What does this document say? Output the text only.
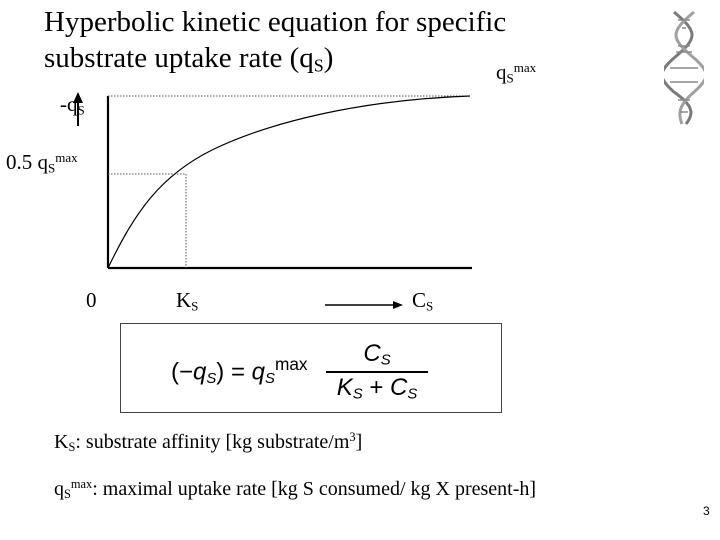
Hyperbolic kinetic equation for specific
substrate uptake rate $(q_S)$	$q_S^{max}$
$-q_S$
0.5 $q_S^{max}$
0	$K_S$	$C_S$
$(-q_S) = q_S^{max}$	$C_S$
$K_S + C_S$
$K_S$: substrate affinity [kg substrate/$m^3$]
$q_S^{max}$: maximal uptake rate [kg S consumed/ kg X present-h]
3
